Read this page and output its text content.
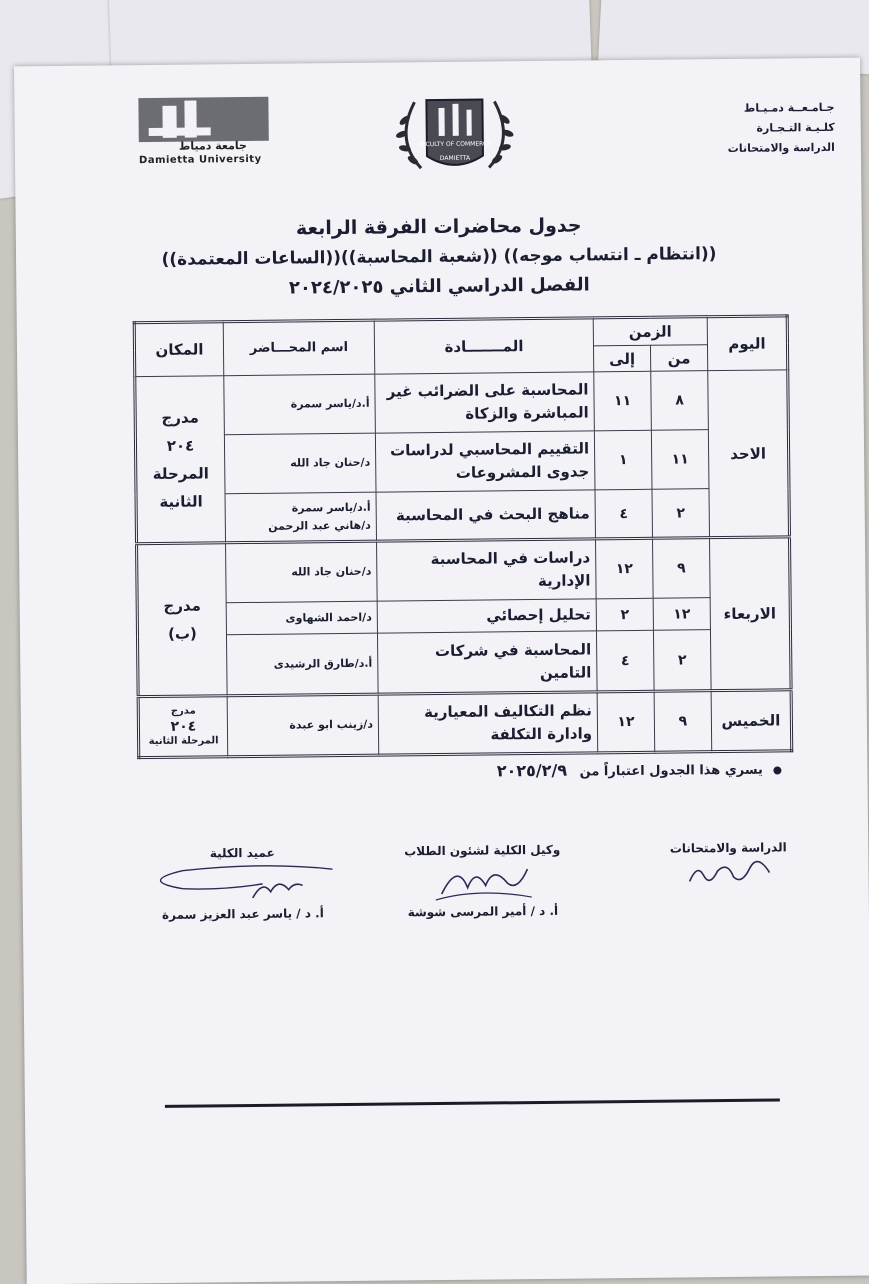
جـامـعــة دمـيـاط
كلـيـة التـجـارة
الدراسة والامتحانات
FACULTY OF COMMERCE
DAMIETTA
جامعة دمياط
Damietta University
جدول محاضرات الفرقة الرابعة
((انتظام ـ انتساب موجه)) ((شعبة المحاسبة))((الساعات المعتمدة))
الفصل الدراسي الثاني ٢٠٢٤/٢٠٢٥
اليوم	الزمن		المـــــــادة	اسم المحـــاضر	المكان
	من	إلى			
الاحد	٨	١١	المحاسبة على الضرائب غير المباشرة والزكاة	أ.د/ياسر سمرة	مدرج
٢٠٤
المرحلة
الثانية

	١١	١	التقييم المحاسبي لدراسات جدوى المشروعات	د/حنان جاد الله	
	٢	٤	مناهج البحث في المحاسبة	أ.د/ياسر سمرة
د/هاني عبد الرحمن	

الاربعاء	٩	١٢	دراسات في المحاسبة الإدارية	د/حنان جاد الله	مدرج
(ب)

	١٢	٢	تحليل إحصائي	د/احمد الشهاوى	
	٢	٤	المحاسبة في شركات التامين	أ.د/طارق الرشيدى	
الخميس	٩	١٢	نظم التكاليف المعيارية وادارة التكلفة	د/زينب ابو عبدة	مدرج
٢٠٤
المرحلة الثانية
يسري هذا الجدول اعتباراً من ٢٠٢٥/٢/٩
الدراسة والامتحانات
وكيل الكلية لشئون الطلاب
أ. د / أمير المرسى شوشة
عميد الكلية
أ. د / ياسر عبد العزيز سمرة
